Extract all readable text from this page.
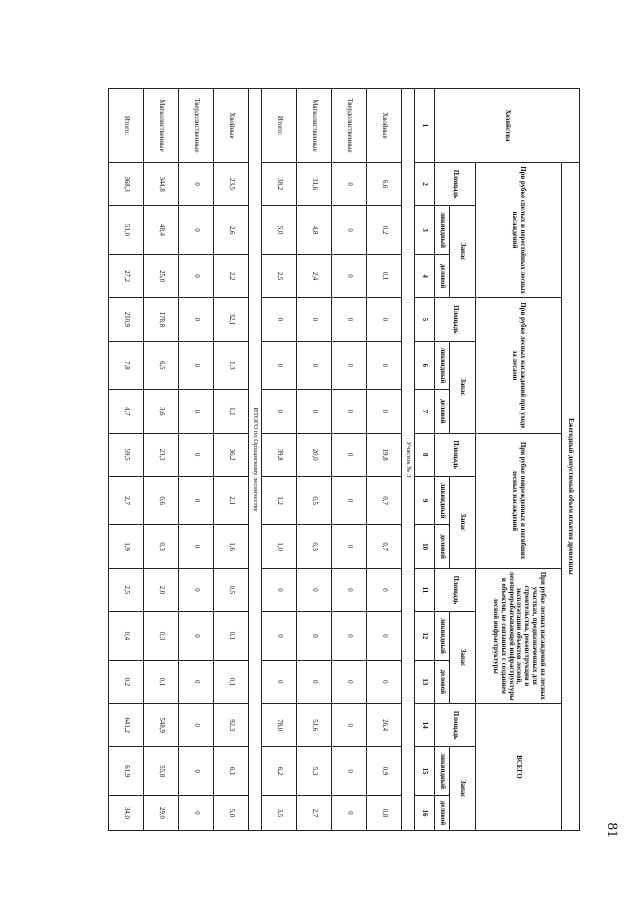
81
Хозяйства	Ежегодный допустимый объем изъятия древесины														
	При рубке спелых и перестойных лесных насаждений			При рубке лесных насаждений при уходе за лесами			При рубке поврежденных и погибших лесных насаждений			При рубке лесных насаждений на лесных участках, предназначенных для строительства, реконструкции и эксплуатации объектов лесной, лесоперерабатывающей инфраструктуры и объектов, не связанных с созданием лесной инфраструктуры			ВСЕГО		
	Площадь	Запас		Площадь	Запас		Площадь	Запас		Площадь	Запас		Площадь	Запас	
		ликвидный	деловой		ликвидный	деловой		ликвидный	деловой		ликвидный	деловой		ликвидный	деловой
1	2	3	4	5	6	7	8	9	10	11	12	13	14	15	16
Участок № 3															
Хвойные	6,6	0,2	0,1	0	0	0	19,8	0,7	0,7	0	0	0	26,4	0,9	0,8
Твердолиственные	0	0	0	0	0	0	0	0	0	0	0	0	0	0	0
Мягколиственные	31,6	4,8	2,4	0	0	0	20,0	0,5	0,3	0	0	0	51,6	5,3	2,7
Итого:	38,2	5,0	2,5	0	0	0	39,8	1,2	1,0	0	0	0	78,0	6,2	3,5
ИТОГО по Оршанскому лесничеству															
Хвойные	23,5	2,6	2,2	32,1	1,3	1,1	36,2	2,1	1,6	0,5	0,1	0,1	92,3	6,1	5,0
Твердолиственные	0	0	0	0	0	0	0	0	0	0	0	0	0	0	0
Мягколиственные	344,8	48,4	25,0	178,8	6,5	3,6	23,3	0,6	0,3	2,0	0,3	0,1	548,9	55,8	29,0
Итого:	368,3	51,0	27,2	210,9	7,8	4,7	59,5	2,7	1,9	2,5	0,4	0,2	641,2	61,9	34,0
